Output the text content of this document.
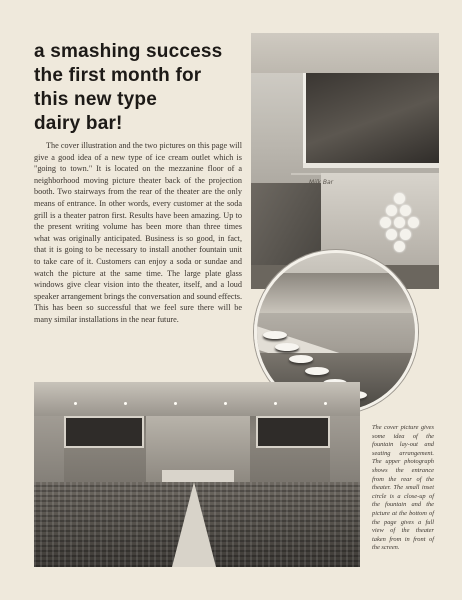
a smashing success
the first month for
this new type
dairy bar!

The cover illustration and the two pictures on this page will give a good idea of a new type of ice cream outlet which is "going to town." It is located on the mezzanine floor of a neighborhood moving picture theater back of the projection booth. Two stairways from the rear of the theater are the only means of entrance. In other words, every customer at the soda grill is a theater patron first. Results have been amazing. Up to the present writing volume has been more than three times what was originally anticipated. Business is so good, in fact, that it is going to be necessary to install another fountain unit to take care of it. Customers can enjoy a soda or sundae and watch the picture at the same time. The large plate glass windows give clear vision into the theater, itself, and a loud speaker arrangement brings the conversation and sound effects. This has been so successful that we feel sure there will be many similar installations in the near future.

Milk Bar

The cover picture gives some idea of the fountain lay-out and seating arrangement. The upper photograph shows the entrance from the rear of the theater. The small inset circle is a close-up of the fountain and the picture at the bottom of the page gives a full view of the theater taken from in front of the screen.
